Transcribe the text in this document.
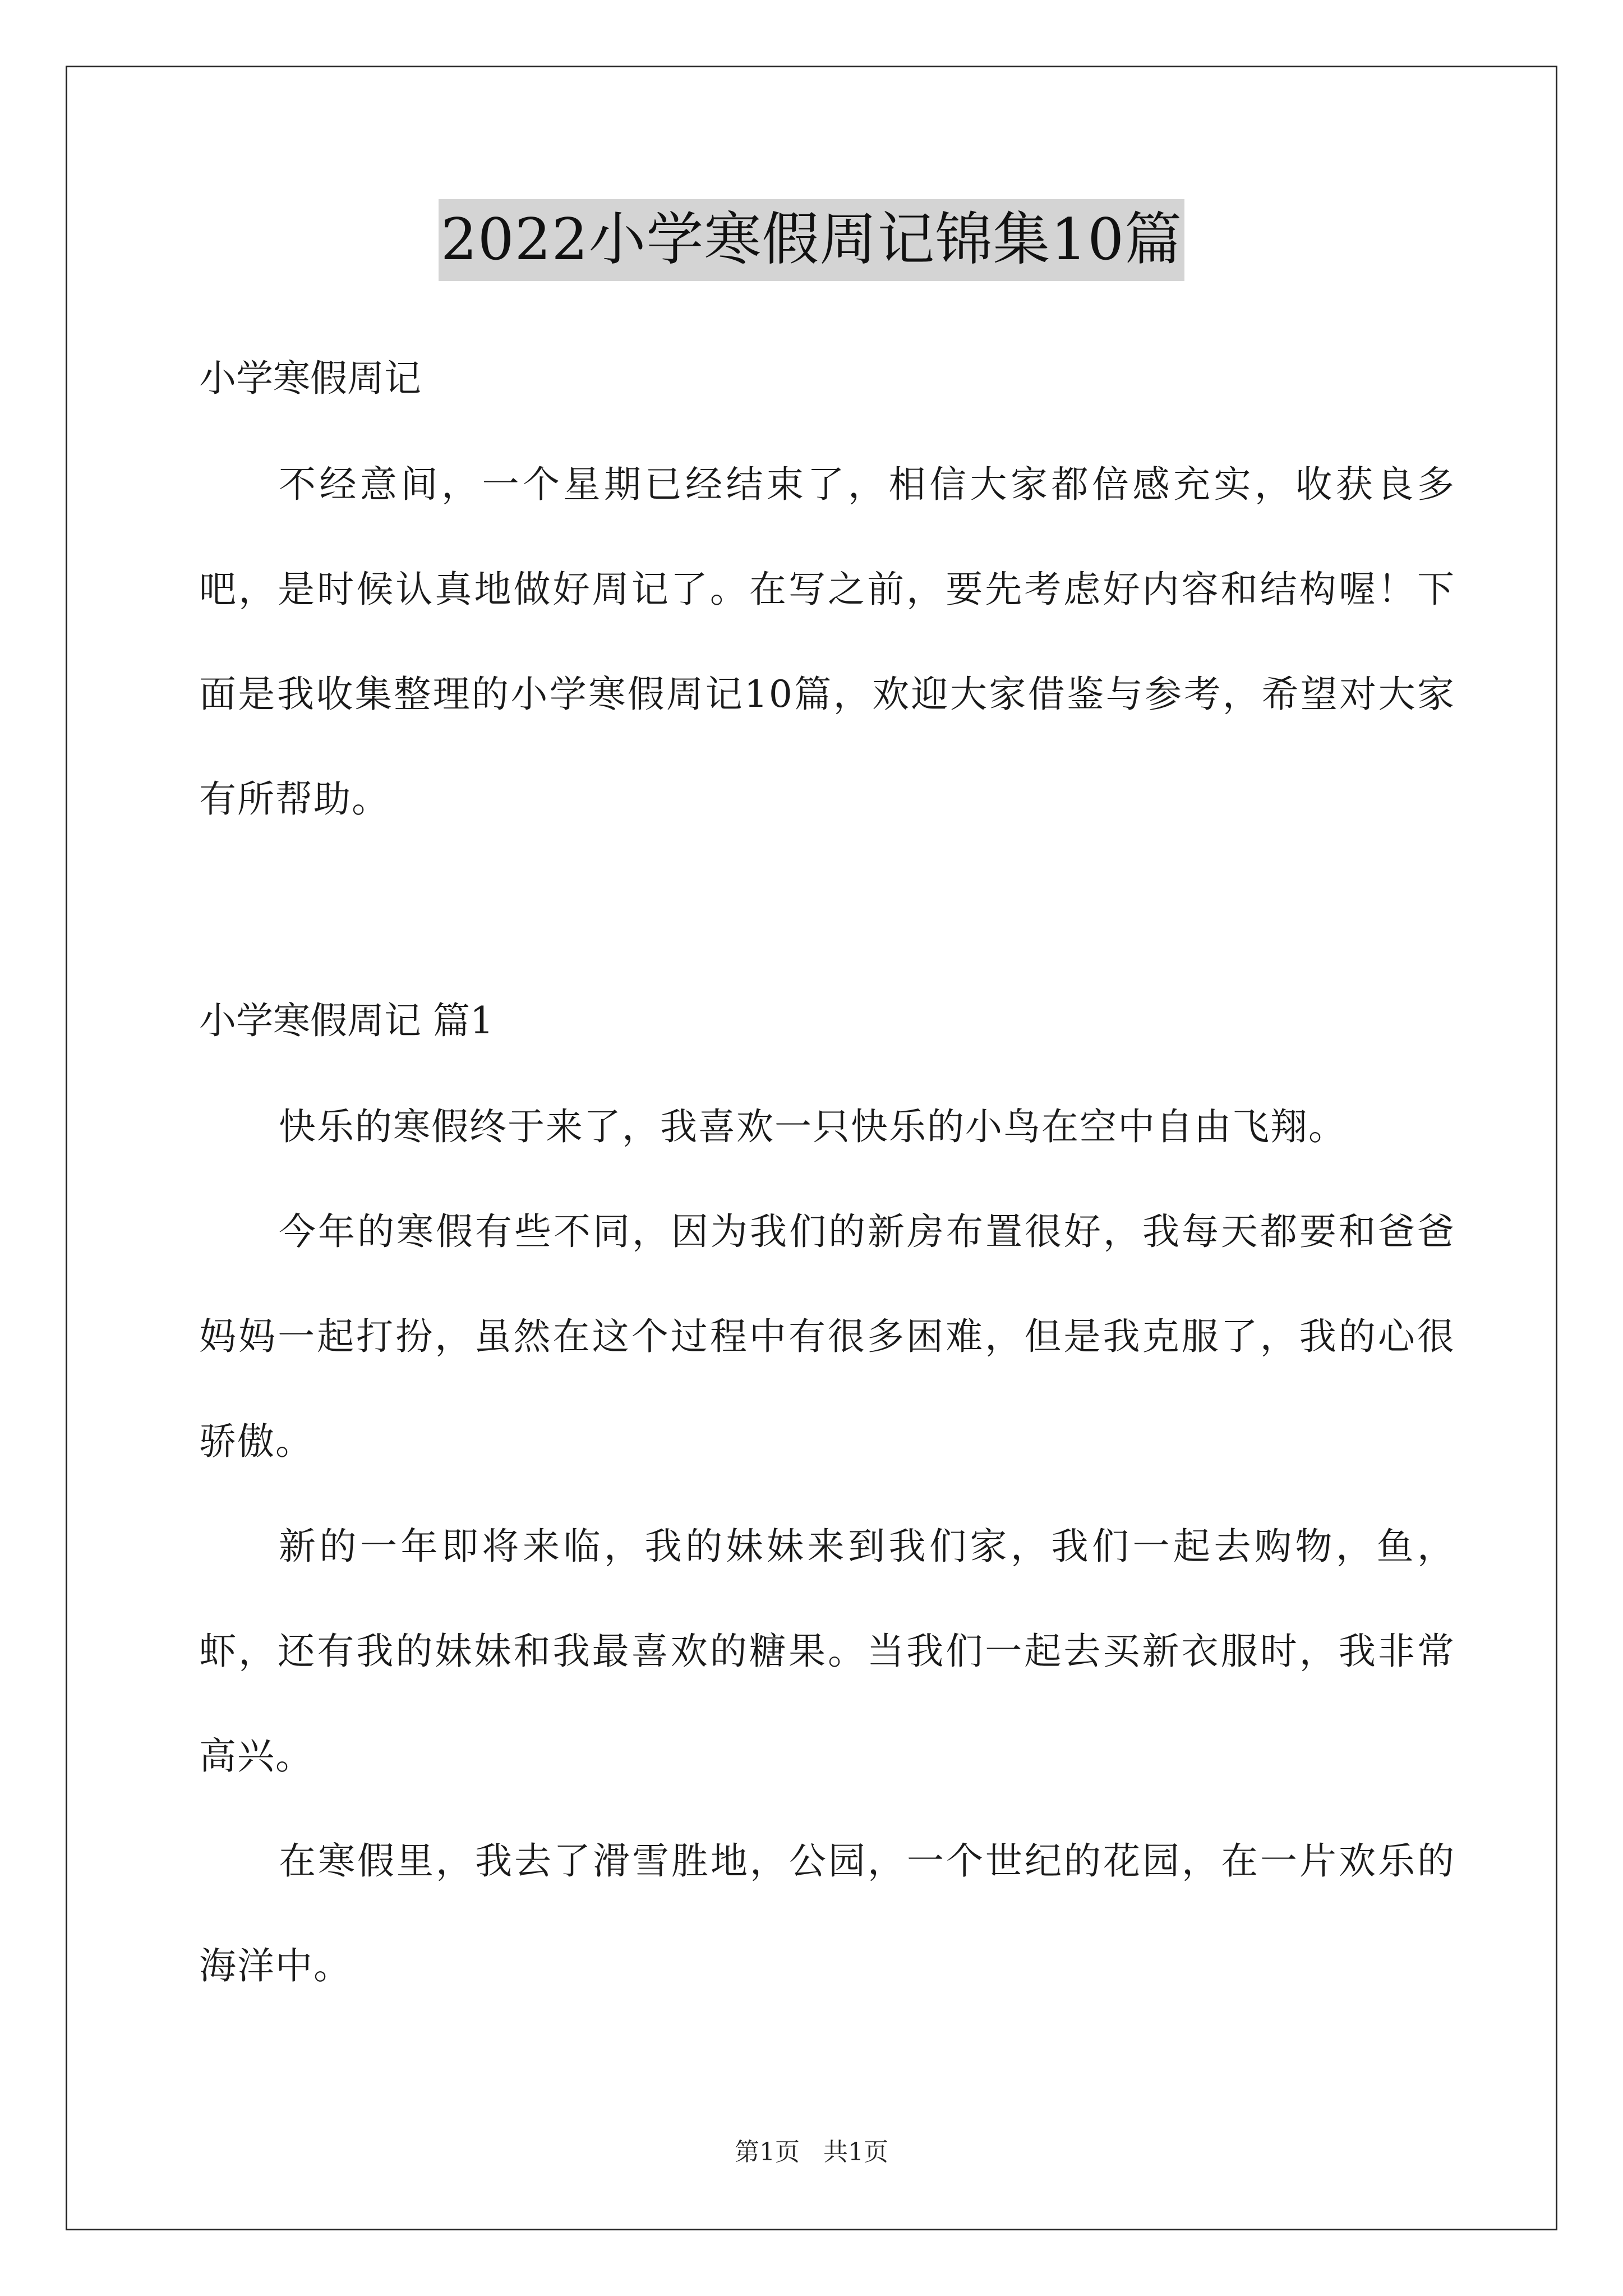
2022小学寒假周记锦集10篇
小学寒假周记
不经意间，一个星期已经结束了，相信大家都倍感充实，收获良多吧，是时候认真地做好周记了。在写之前，要先考虑好内容和结构喔！下面是我收集整理的小学寒假周记10篇，欢迎大家借鉴与参考，希望对大家有所帮助。
小学寒假周记 篇1
快乐的寒假终于来了，我喜欢一只快乐的小鸟在空中自由飞翔。
今年的寒假有些不同，因为我们的新房布置很好，我每天都要和爸爸妈妈一起打扮，虽然在这个过程中有很多困难，但是我克服了，我的心很骄傲。
新的一年即将来临，我的妹妹来到我们家，我们一起去购物，鱼，虾，还有我的妹妹和我最喜欢的糖果。当我们一起去买新衣服时，我非常高兴。
在寒假里，我去了滑雪胜地，公园，一个世纪的花园，在一片欢乐的海洋中。
第1页   共1页
